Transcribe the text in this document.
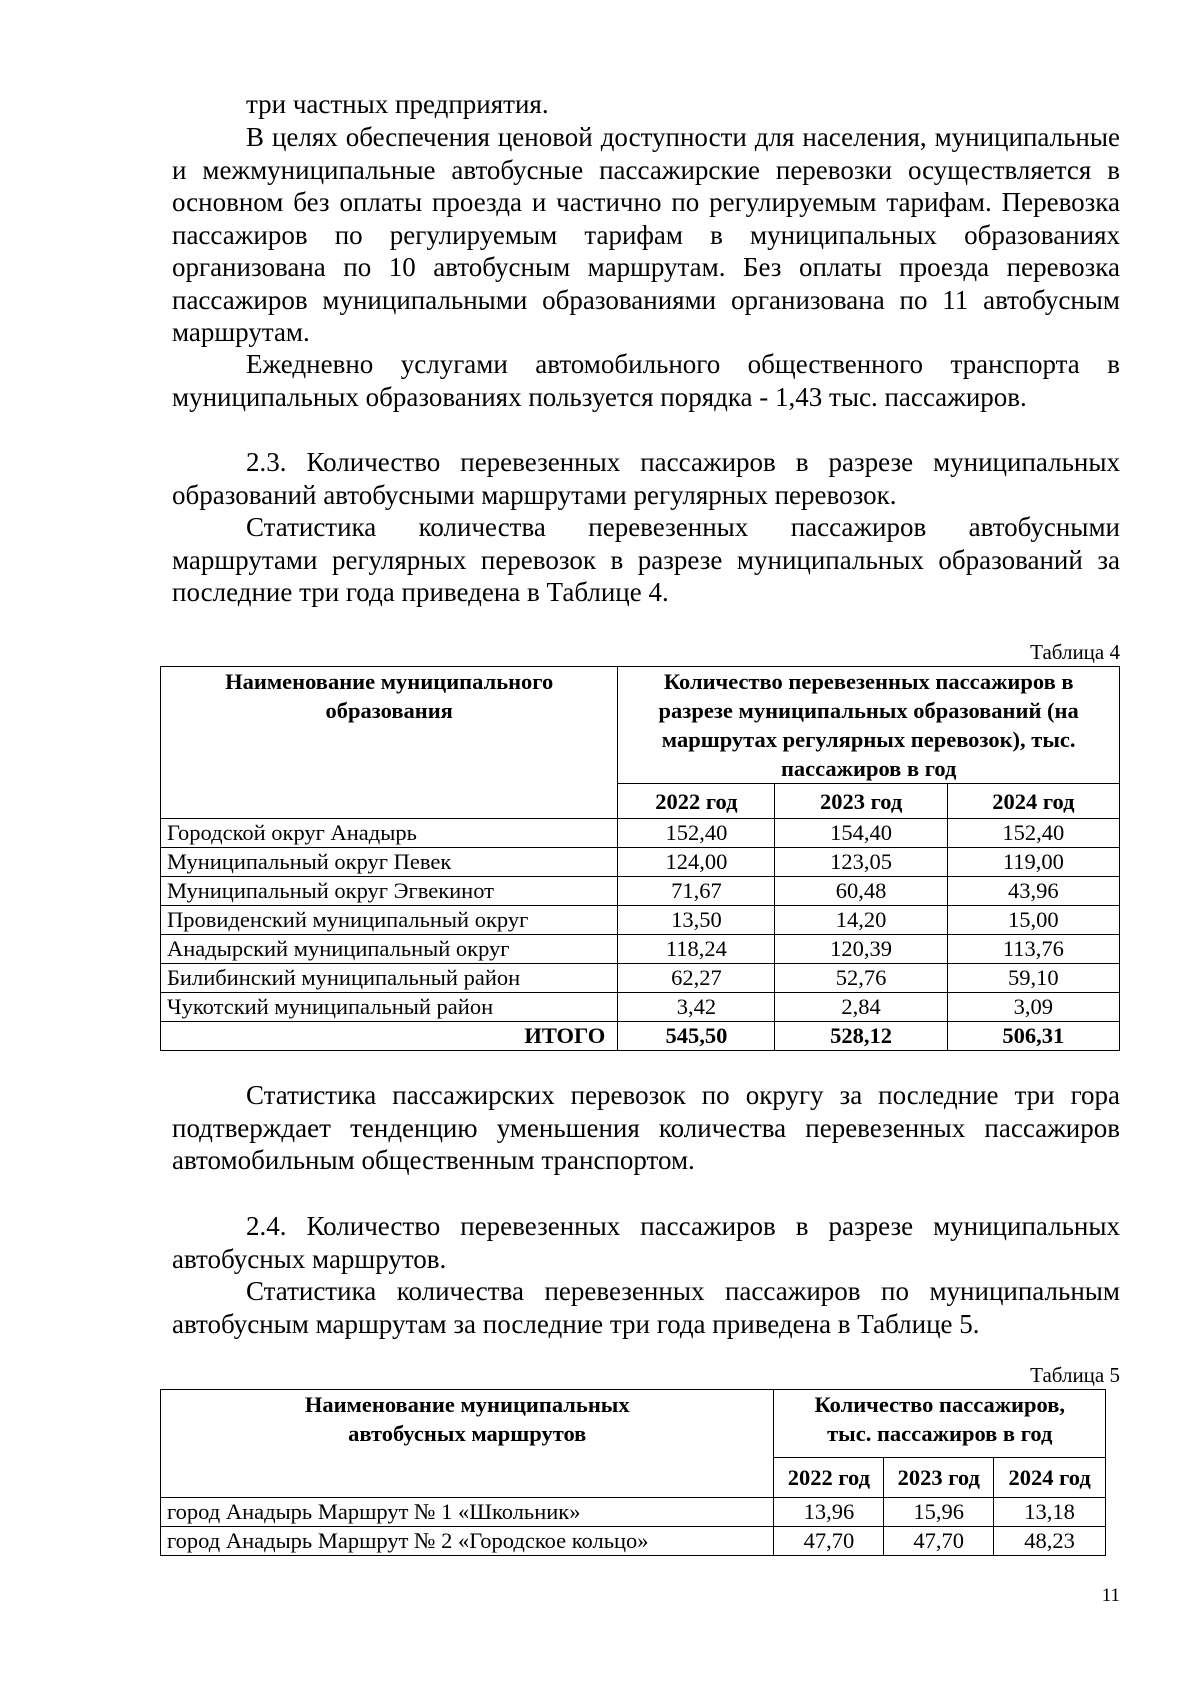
три частных предприятия.

В целях обеспечения ценовой доступности для населения, муниципальные и межмуниципальные автобусные пассажирские перевозки осуществляется в основном без оплаты проезда и частично по регулируемым тарифам. Перевозка пассажиров по регулируемым тарифам в муниципальных образованиях организована по 10 автобусным маршрутам. Без оплаты проезда перевозка пассажиров муниципальными образованиями организована по 11 автобусным маршрутам.

Ежедневно услугами автомобильного общественного транспорта в муниципальных образованиях пользуется порядка - 1,43 тыс. пассажиров.

2.3. Количество перевезенных пассажиров в разрезе муниципальных образований автобусными маршрутами регулярных перевозок.

Статистика количества перевезенных пассажиров автобусными маршрутами регулярных перевозок в разрезе муниципальных образований за последние три года приведена в Таблице 4.

Таблица 4
Наименование муниципального образования	Количество перевезенных пассажиров в разрезе муниципальных образований (на маршрутах регулярных перевозок), тыс. пассажиров в год		
	2022 год	2023 год	2024 год
Городской округ Анадырь	152,40	154,40	152,40
Муниципальный округ Певек	124,00	123,05	119,00
Муниципальный округ Эгвекинот	71,67	60,48	43,96
Провиденский муниципальный округ	13,50	14,20	15,00
Анадырский муниципальный округ	118,24	120,39	113,76
Билибинский муниципальный район	62,27	52,76	59,10
Чукотский муниципальный район	3,42	2,84	3,09
ИТОГО	545,50	528,12	506,31

Статистика пассажирских перевозок по округу за последние три гора подтверждает тенденцию уменьшения количества перевезенных пассажиров автомобильным общественным транспортом.

2.4. Количество перевезенных пассажиров в разрезе муниципальных автобусных маршрутов.

Статистика количества перевезенных пассажиров по муниципальным автобусным маршрутам за последние три года приведена в Таблице 5.

Таблица 5
Наименование муниципальных автобусных маршрутов	Количество пассажиров, тыс. пассажиров в год		
	2022 год	2023 год	2024 год
город Анадырь Маршрут № 1 «Школьник»	13,96	15,96	13,18
город Анадырь Маршрут № 2 «Городское кольцо»	47,70	47,70	48,23
11
